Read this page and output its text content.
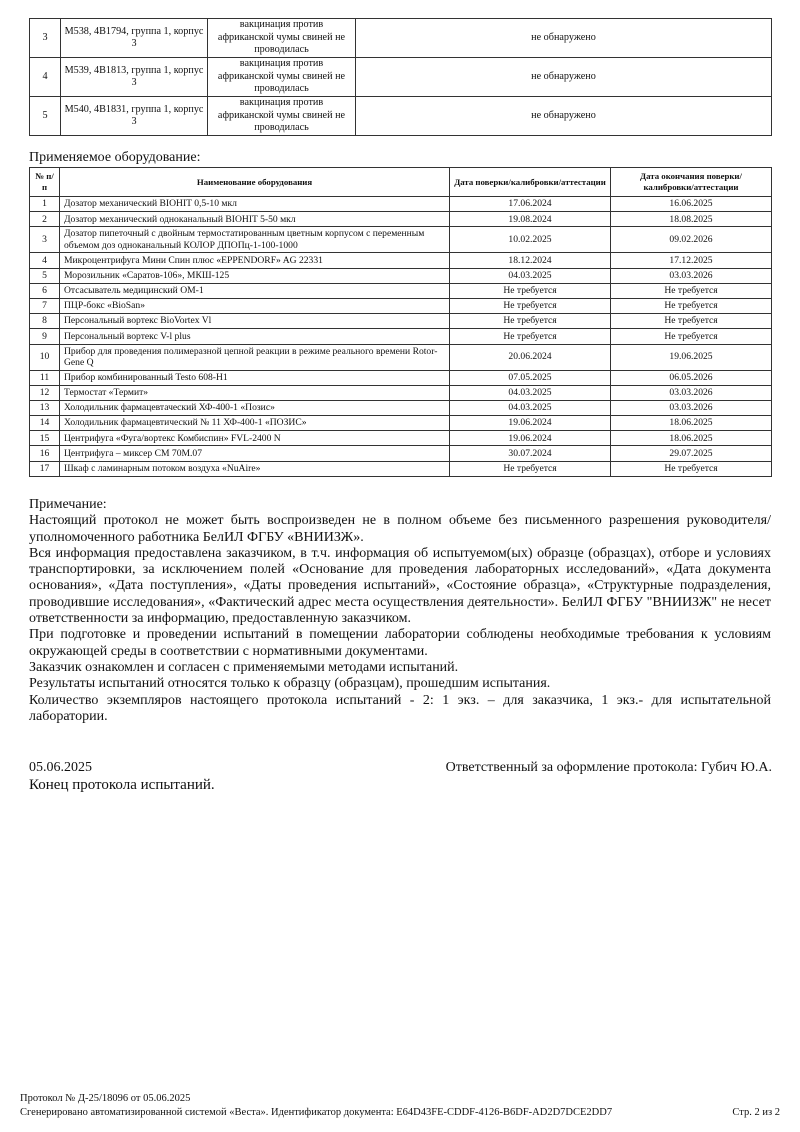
3	M538, 4B1794, группа 1, корпус 3	вакцинация против африканской чумы свиней не проводилась	не обнаружено
4	M539, 4B1813, группа 1, корпус 3	вакцинация против африканской чумы свиней не проводилась	не обнаружено
5	M540, 4B1831, группа 1, корпус 3	вакцинация против африканской чумы свиней не проводилась	не обнаружено
Применяемое оборудование:
№ п/п	Наименование оборудования	Дата поверки/калибровки/аттестации	Дата окончания поверки/калибровки/аттестации
1	Дозатор механический BIOHIT 0,5-10 мкл	17.06.2024	16.06.2025
2	Дозатор механический одноканальный BIOHIT 5-50 мкл	19.08.2024	18.08.2025
3	Дозатор пипеточный с двойным термостатированным цветным корпусом с переменным объемом доз одноканальный КОЛОР ДПОПц-1-100-1000	10.02.2025	09.02.2026
4	Микроцентрифуга Мини Спин плюс «EPPENDORF» AG 22331	18.12.2024	17.12.2025
5	Морозильник «Саратов-106», МКШ-125	04.03.2025	03.03.2026
6	Отсасыватель медицинский ОМ-1	Не требуется	Не требуется
7	ПЦР-бокс «BioSan»	Не требуется	Не требуется
8	Персональный вортекс BioVortex Vl	Не требуется	Не требуется
9	Персональный вортекс V-l plus	Не требуется	Не требуется
10	Прибор для проведения полимеразной цепной реакции в режиме реального времени Rotor-Gene Q	20.06.2024	19.06.2025
11	Прибор комбинированный Testo 608-H1	07.05.2025	06.05.2026
12	Термостат «Термит»	04.03.2025	03.03.2026
13	Холодильник фармацевтачеcкий ХФ-400-1 «Позис»	04.03.2025	03.03.2026
14	Холодильник фармацевтический № 11 ХФ-400-1 «ПОЗИС»	19.06.2024	18.06.2025
15	Центрифуга «Фуга/вортекс Комбиспин» FVL-2400 N	19.06.2024	18.06.2025
16	Центрифуга – миксер СМ 70М.07	30.07.2024	29.07.2025
17	Шкаф с ламинарным потоком воздуха «NuAire»	Не требуется	Не требуется

Примечание:

Настоящий протокол не может быть воспроизведен не в полном объеме без письменного разрешения руководителя/уполномоченного работника БелИЛ ФГБУ «ВНИИЗЖ».

Вся информация предоставлена заказчиком, в т.ч. информация об испытуемом(ых) образце (образцах), отборе и условиях транспортировки, за исключением полей «Основание для проведения лабораторных исследований», «Дата документа основания», «Дата поступления», «Даты проведения испытаний», «Состояние образца», «Структурные подразделения, проводившие исследования», «Фактический адрес места осуществления деятельности». БелИЛ ФГБУ "ВНИИЗЖ" не несет ответственности за информацию, предоставленную заказчиком.

При подготовке и проведении испытаний в помещении лаборатории соблюдены необходимые требования к условиям окружающей среды в соответствии с нормативными документами.

Заказчик ознакомлен и согласен с применяемыми методами испытаний.

Результаты испытаний относятся только к образцу (образцам), прошедшим испытания.

Количество экземпляров настоящего протокола испытаний - 2: 1 экз. – для заказчика, 1 экз.- для испытательной лаборатории.

05.06.2025	Ответственный за оформление протокола: Губич Ю.А.
Конец протокола испытаний.
Протокол № Д-25/18096 от 05.06.2025
Сгенерировано автоматизированной системой «Веста». Идентификатор документа: E64D43FE-CDDF-4126-B6DF-AD2D7DCE2DD7	Стр. 2 из 2
